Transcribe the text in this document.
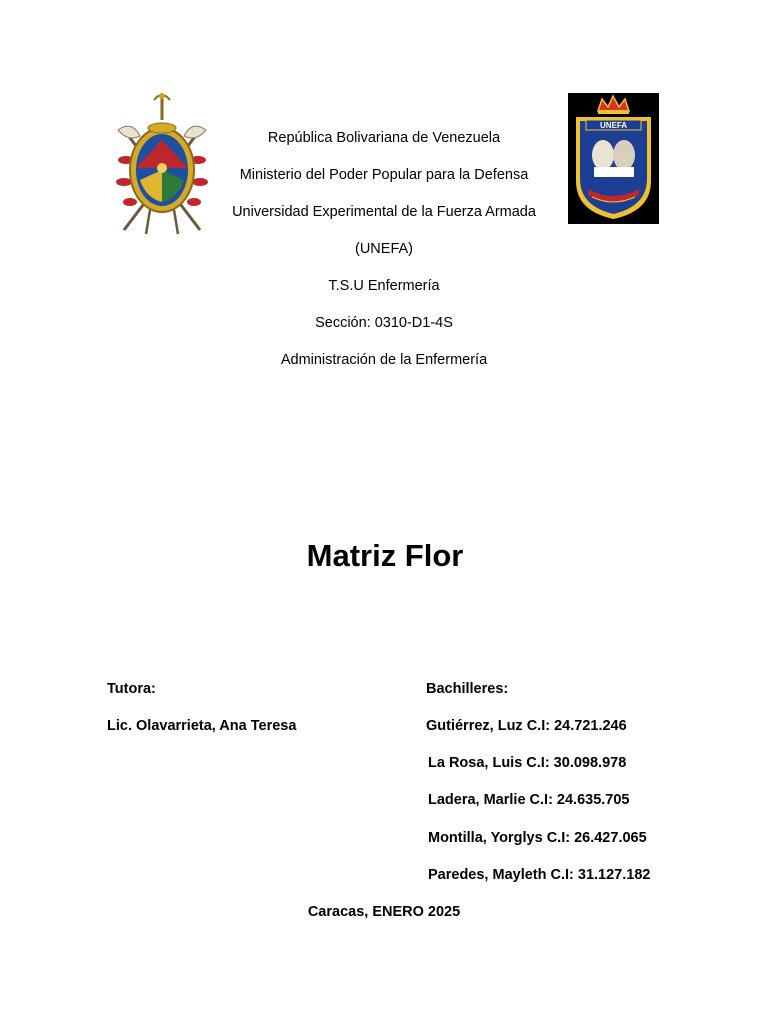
UNEFA
República Bolivariana de Venezuela
Ministerio del Poder Popular para la Defensa
Universidad Experimental de la Fuerza Armada
(UNEFA)
T.S.U Enfermería
Sección: 0310-D1-4S
Administración de la Enfermería
Matriz Flor
Tutora:
Lic. Olavarrieta, Ana Teresa
Bachilleres:
Gutiérrez, Luz C.I: 24.721.246
La Rosa, Luis C.I: 30.098.978
Ladera, Marlie C.I: 24.635.705
Montilla, Yorglys C.I: 26.427.065
Paredes, Mayleth C.I: 31.127.182
Caracas, ENERO 2025
